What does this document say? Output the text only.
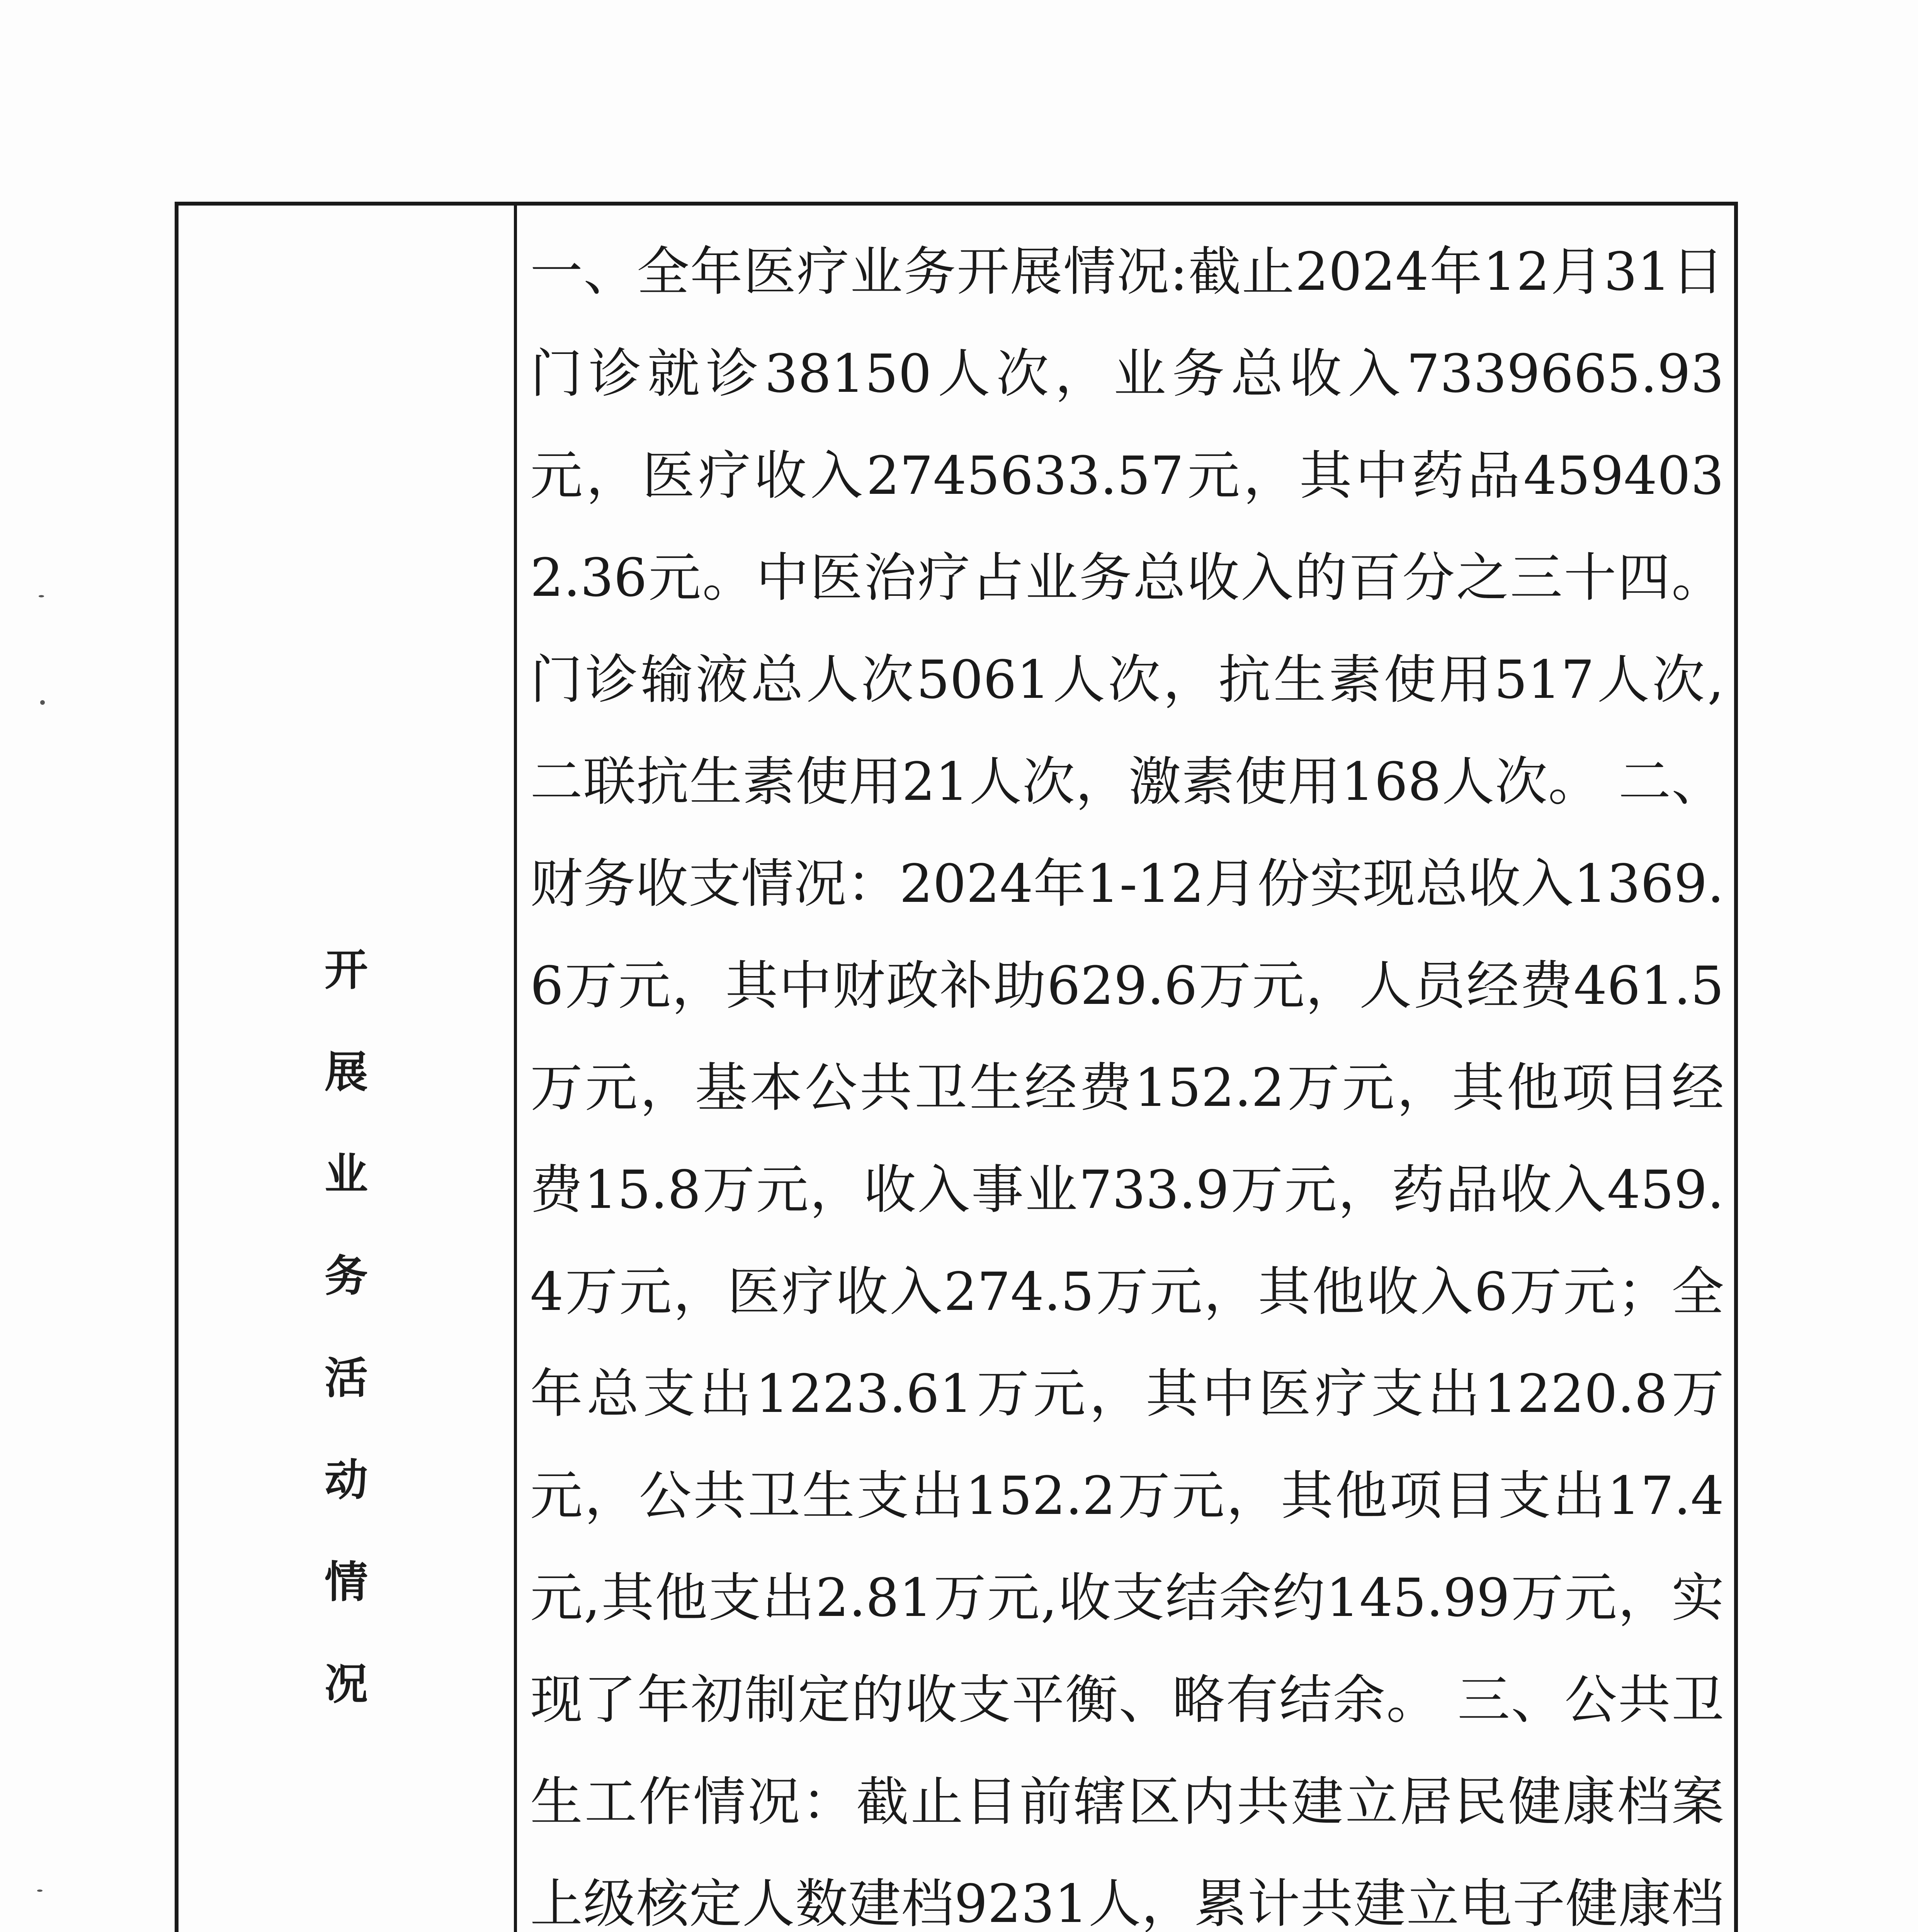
开
展
业
务
活
动
情
况

一、全年医疗业务开展情况:截止2024年12月31日门诊就诊38150人次，业务总收入7339665.93元，医疗收入2745633.57元，其中药品4594032.36元。中医治疗占业务总收入的百分之三十四。门诊输液总人次5061人次，抗生素使用517人次,二联抗生素使用21人次，激素使用168人次。 二、财务收支情况：2024年1-12月份实现总收入1369.6万元，其中财政补助629.6万元，人员经费461.5 万元，基本公共卫生经费152.2万元，其他项目经费15.8万元，收入事业733.9万元，药品收入459.4万元，医疗收入274.5万元，其他收入6万元；全年总支出1223.61万元，其中医疗支出1220.8万元，公共卫生支出152.2万元，其他项目支出17.4元,其他支出2.81万元,收支结余约145.99万元，实现了年初制定的收支平衡、略有结余。 三、公共卫生工作情况：截止目前辖区内共建立居民健康档案上级核定人数建档9231人，累计共建立电子健康档
